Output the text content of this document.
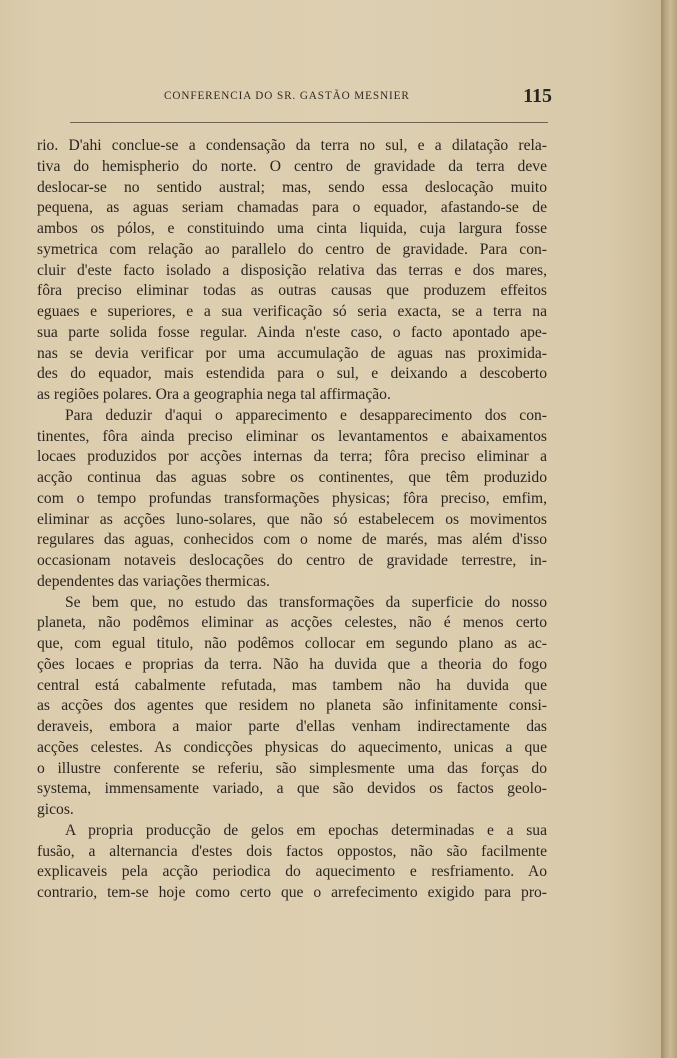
CONFERENCIA DO SR. GASTÃO MESNIER	115
rio. D'ahi conclue-se a condensação da terra no sul, e a dilatação rela-
tiva do hemispherio do norte. O centro de gravidade da terra deve
deslocar-se no sentido austral; mas, sendo essa deslocação muito
pequena, as aguas seriam chamadas para o equador, afastando-se de
ambos os pólos, e constituindo uma cinta liquida, cuja largura fosse
symetrica com relação ao parallelo do centro de gravidade. Para con-
cluir d'este facto isolado a disposição relativa das terras e dos mares,
fôra preciso eliminar todas as outras causas que produzem effeitos
eguaes e superiores, e a sua verificação só seria exacta, se a terra na
sua parte solida fosse regular. Ainda n'este caso, o facto apontado ape-
nas se devia verificar por uma accumulação de aguas nas proximida-
des do equador, mais estendida para o sul, e deixando a descoberto
as regiões polares. Ora a geographia nega tal affirmação.
Para deduzir d'aqui o apparecimento e desapparecimento dos con-
tinentes, fôra ainda preciso eliminar os levantamentos e abaixamentos
locaes produzidos por acções internas da terra; fôra preciso eliminar a
acção continua das aguas sobre os continentes, que têm produzido
com o tempo profundas transformações physicas; fôra preciso, emfim,
eliminar as acções luno-solares, que não só estabelecem os movimentos
regulares das aguas, conhecidos com o nome de marés, mas além d'isso
occasionam notaveis deslocações do centro de gravidade terrestre, in-
dependentes das variações thermicas.
Se bem que, no estudo das transformações da superficie do nosso
planeta, não podêmos eliminar as acções celestes, não é menos certo
que, com egual titulo, não podêmos collocar em segundo plano as ac-
ções locaes e proprias da terra. Não ha duvida que a theoria do fogo
central está cabalmente refutada, mas tambem não ha duvida que
as acções dos agentes que residem no planeta são infinitamente consi-
deraveis, embora a maior parte d'ellas venham indirectamente das
acções celestes. As condicções physicas do aquecimento, unicas a que
o illustre conferente se referiu, são simplesmente uma das forças do
systema, immensamente variado, a que são devidos os factos geolo-
gicos.
A propria producção de gelos em epochas determinadas e a sua
fusão, a alternancia d'estes dois factos oppostos, não são facilmente
explicaveis pela acção periodica do aquecimento e resfriamento. Ao
contrario, tem-se hoje como certo que o arrefecimento exigido para pro-
